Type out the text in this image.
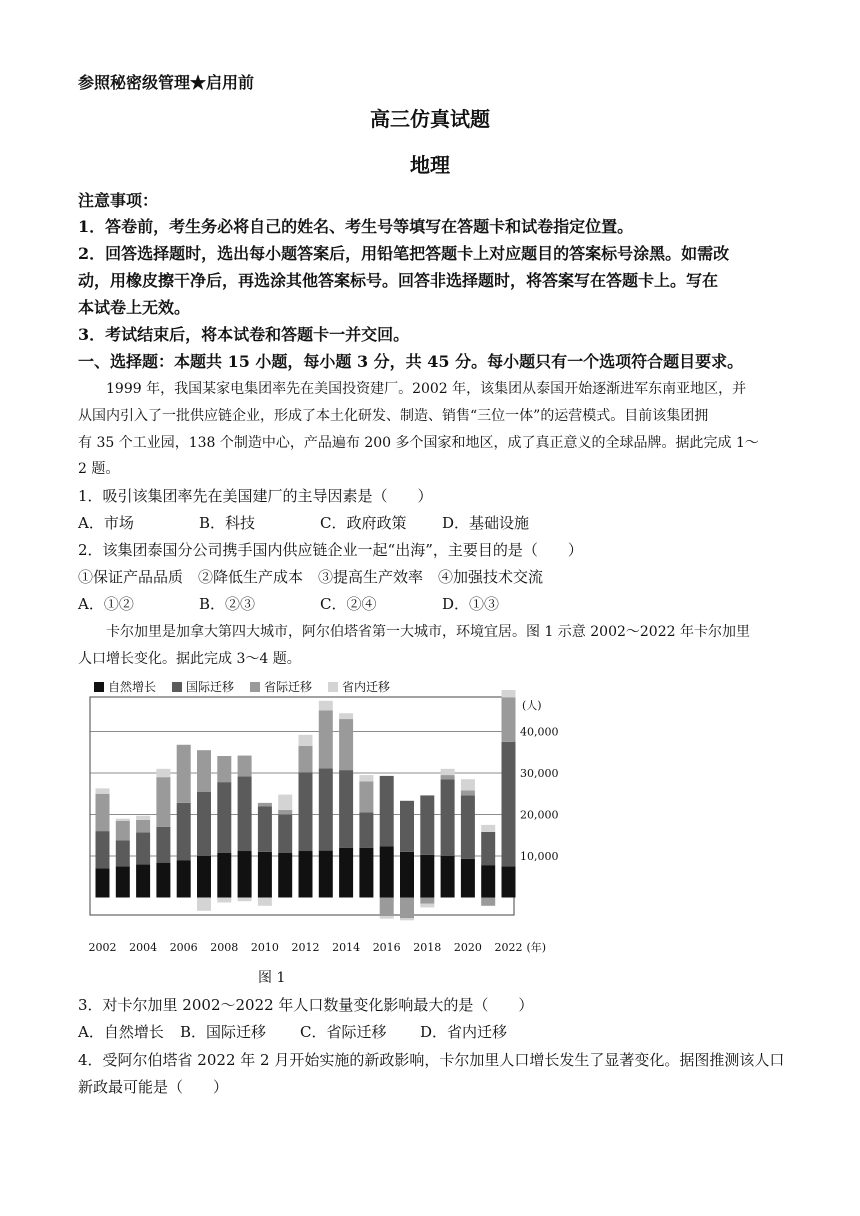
参照秘密级管理★启用前
高三仿真试题
地理
注意事项：
1．答卷前，考生务必将自己的姓名、考生号等填写在答题卡和试卷指定位置。
2．回答选择题时，选出每小题答案后，用铅笔把答题卡上对应题目的答案标号涂黑。如需改
动，用橡皮擦干净后，再选涂其他答案标号。回答非选择题时，将答案写在答题卡上。写在
本试卷上无效。
3．考试结束后，将本试卷和答题卡一并交回。
一、选择题：本题共 15 小题，每小题 3 分，共 45 分。每小题只有一个选项符合题目要求。
1999 年，我国某家电集团率先在美国投资建厂。2002 年，该集团从泰国开始逐渐进军东南亚地区，并
从国内引入了一批供应链企业，形成了本土化研发、制造、销售“三位一体”的运营模式。目前该集团拥
有 35 个工业园，138 个制造中心，产品遍布 200 多个国家和地区，成了真正意义的全球品牌。据此完成 1～
2 题。
1．吸引该集团率先在美国建厂的主导因素是（　　）
A．市场	B．科技	C．政府政策 D．基础设施
2．该集团泰国分公司携手国内供应链企业一起“出海”，主要目的是（　　）
①保证产品品质　②降低生产成本　③提高生产效率　④加强技术交流
A．①②	B．②③	C．②④	D．①③
卡尔加里是加拿大第四大城市，阿尔伯塔省第一大城市，环境宜居。图 1 示意 2002～2022 年卡尔加里
人口增长变化。据此完成 3～4 题。
自然增长 国际迁移 省际迁移 省内迁移
10,000
20,000
30,000
40,000
(人)
2002 2004 2006 2008 2010 2012 2014 2016 2018 2020 2022 (年)
图 1
3．对卡尔加里 2002～2022 年人口数量变化影响最大的是（　　）
A．自然增长 B．国际迁移 C．省际迁移 D．省内迁移
4．受阿尔伯塔省 2022 年 2 月开始实施的新政影响，卡尔加里人口增长发生了显著变化。据图推测该人口
新政最可能是（　　）
